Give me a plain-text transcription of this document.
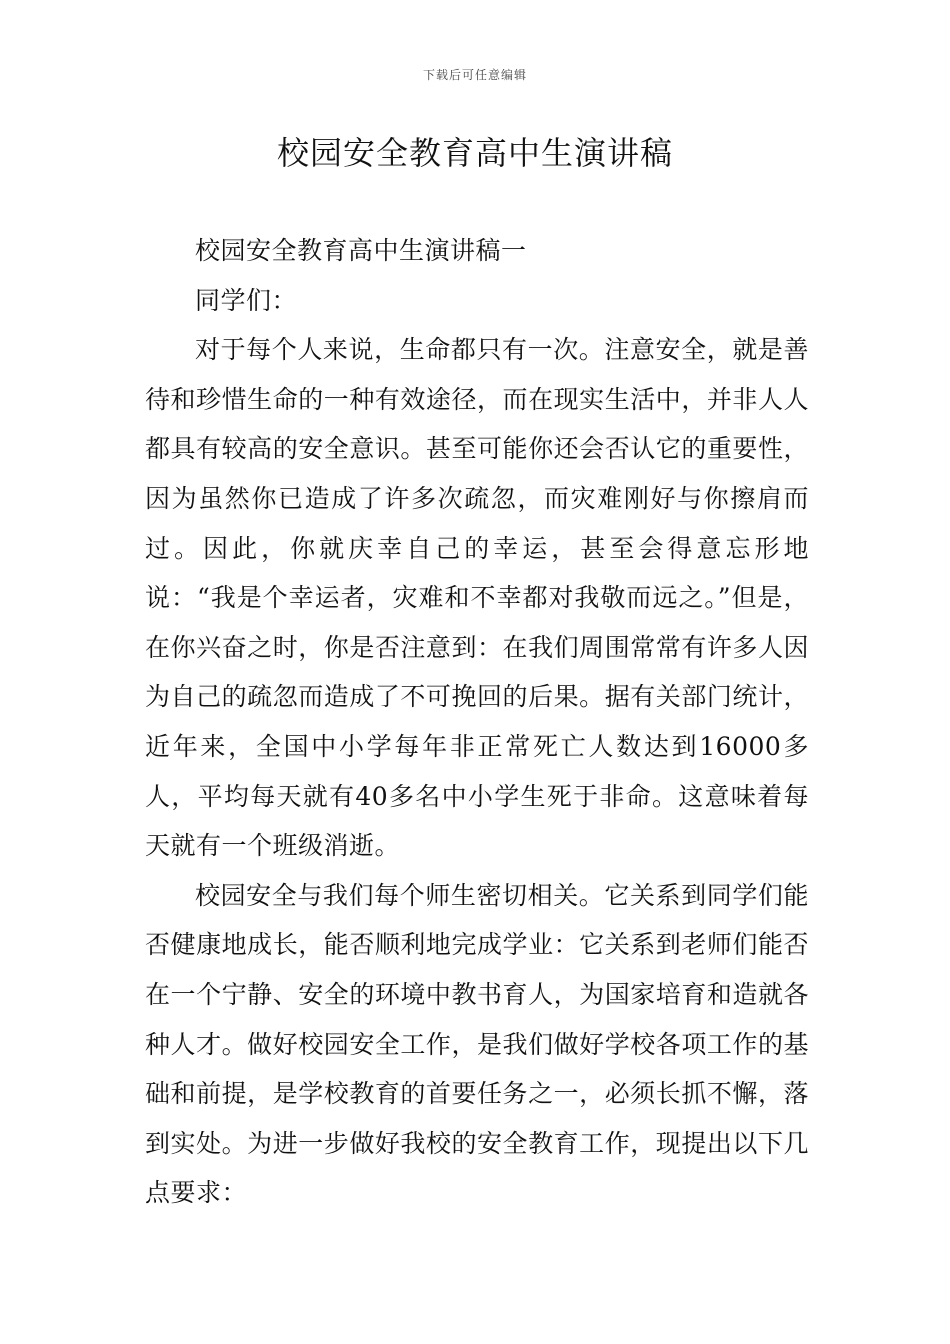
下载后可任意编辑
校园安全教育高中生演讲稿

校园安全教育高中生演讲稿一

同学们：

对于每个人来说，生命都只有一次。注意安全，就是善待和珍惜生命的一种有效途径，而在现实生活中，并非人人都具有较高的安全意识。甚至可能你还会否认它的重要性，因为虽然你已造成了许多次疏忽，而灾难刚好与你擦肩而过。因此，你就庆幸自己的幸运，甚至会得意忘形地说：“我是个幸运者，灾难和不幸都对我敬而远之。”但是，在你兴奋之时，你是否注意到：在我们周围常常有许多人因为自己的疏忽而造成了不可挽回的后果。据有关部门统计，近年来，全国中小学每年非正常死亡人数达到16000多人，平均每天就有40多名中小学生死于非命。这意味着每天就有一个班级消逝。

校园安全与我们每个师生密切相关。它关系到同学们能否健康地成长，能否顺利地完成学业：它关系到老师们能否在一个宁静、安全的环境中教书育人，为国家培育和造就各种人才。做好校园安全工作，是我们做好学校各项工作的基础和前提，是学校教育的首要任务之一，必须长抓不懈，落到实处。为进一步做好我校的安全教育工作，现提出以下几点要求：
